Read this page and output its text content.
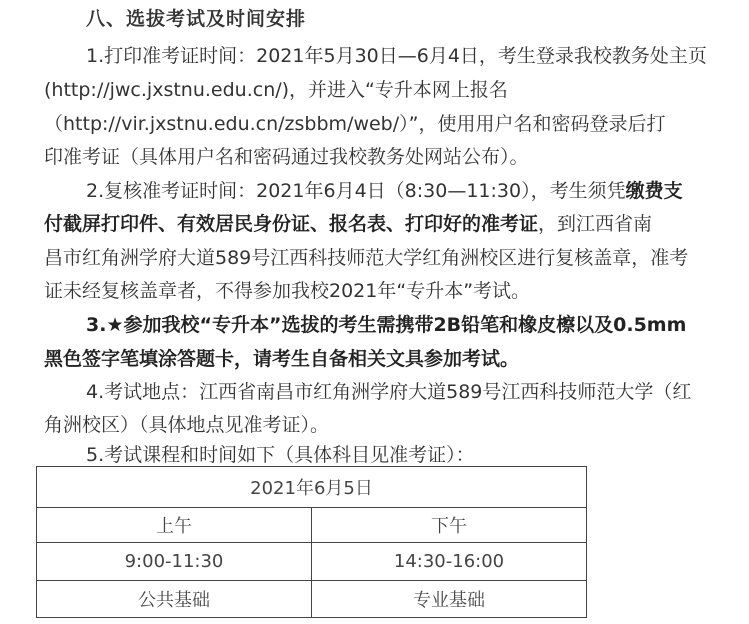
八、选拔考试及时间安排
1.打印准考证时间：2021年5月30日—6月4日，考生登录我校教务处主页
(http://jwc.jxstnu.edu.cn/)，并进入“专升本网上报名
（http://vir.jxstnu.edu.cn/zsbbm/web/）”，使用用户名和密码登录后打
印准考证（具体用户名和密码通过我校教务处网站公布）。
2.复核准考证时间：2021年6月4日（8:30—11:30），考生须凭缴费支
付截屏打印件、有效居民身份证、报名表、打印好的准考证，到江西省南
昌市红角洲学府大道589号江西科技师范大学红角洲校区进行复核盖章，准考
证未经复核盖章者，不得参加我校2021年“专升本”考试。
3.★参加我校“专升本”选拔的考生需携带2B铅笔和橡皮檫以及0.5mm
黑色签字笔填涂答题卡，请考生自备相关文具参加考试。
4.考试地点：江西省南昌市红角洲学府大道589号江西科技师范大学（红
角洲校区）（具体地点见准考证）。
5.考试课程和时间如下（具体科目见准考证）：
2021年6月5日	
上午	下午
9:00-11:30	14:30-16:00
公共基础	专业基础
